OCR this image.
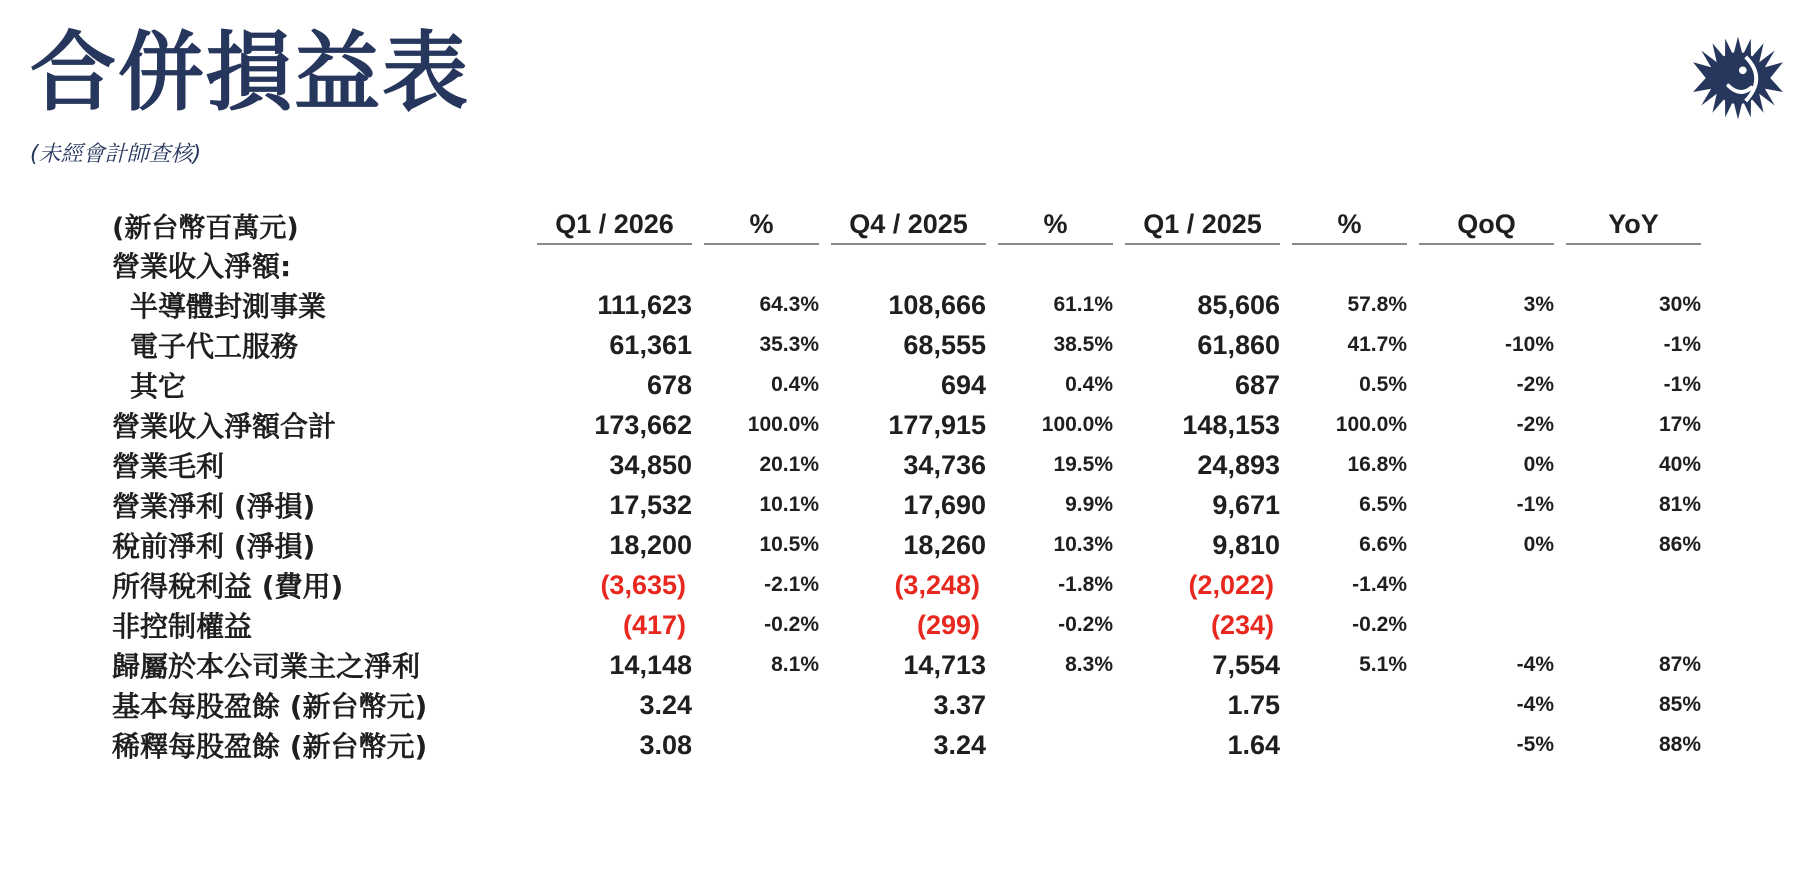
合併損益表
(未經會計師查核)
(新台幣百萬元)	Q1 / 2026		%		Q4 / 2025		%		Q1 / 2025		%		QoQ		YoY
營業收入淨額:															
半導體封測事業	111,623		64.3%		108,666		61.1%		85,606		57.8%		3%		30%
電子代工服務	61,361		35.3%		68,555		38.5%		61,860		41.7%		-10%		-1%
其它	678		0.4%		694		0.4%		687		0.5%		-2%		-1%
營業收入淨額合計	173,662		100.0%		177,915		100.0%		148,153		100.0%		-2%		17%
營業毛利	34,850		20.1%		34,736		19.5%		24,893		16.8%		0%		40%
營業淨利 (淨損)	17,532		10.1%		17,690		9.9%		9,671		6.5%		-1%		81%
稅前淨利 (淨損)	18,200		10.5%		18,260		10.3%		9,810		6.6%		0%		86%
所得稅利益 (費用)	(3,635)		-2.1%		(3,248)		-1.8%		(2,022)		-1.4%				
非控制權益	(417)		-0.2%		(299)		-0.2%		(234)		-0.2%				
歸屬於本公司業主之淨利	14,148		8.1%		14,713		8.3%		7,554		5.1%		-4%		87%
基本每股盈餘 (新台幣元)	3.24				3.37				1.75				-4%		85%
稀釋每股盈餘 (新台幣元)	3.08				3.24				1.64				-5%		88%
